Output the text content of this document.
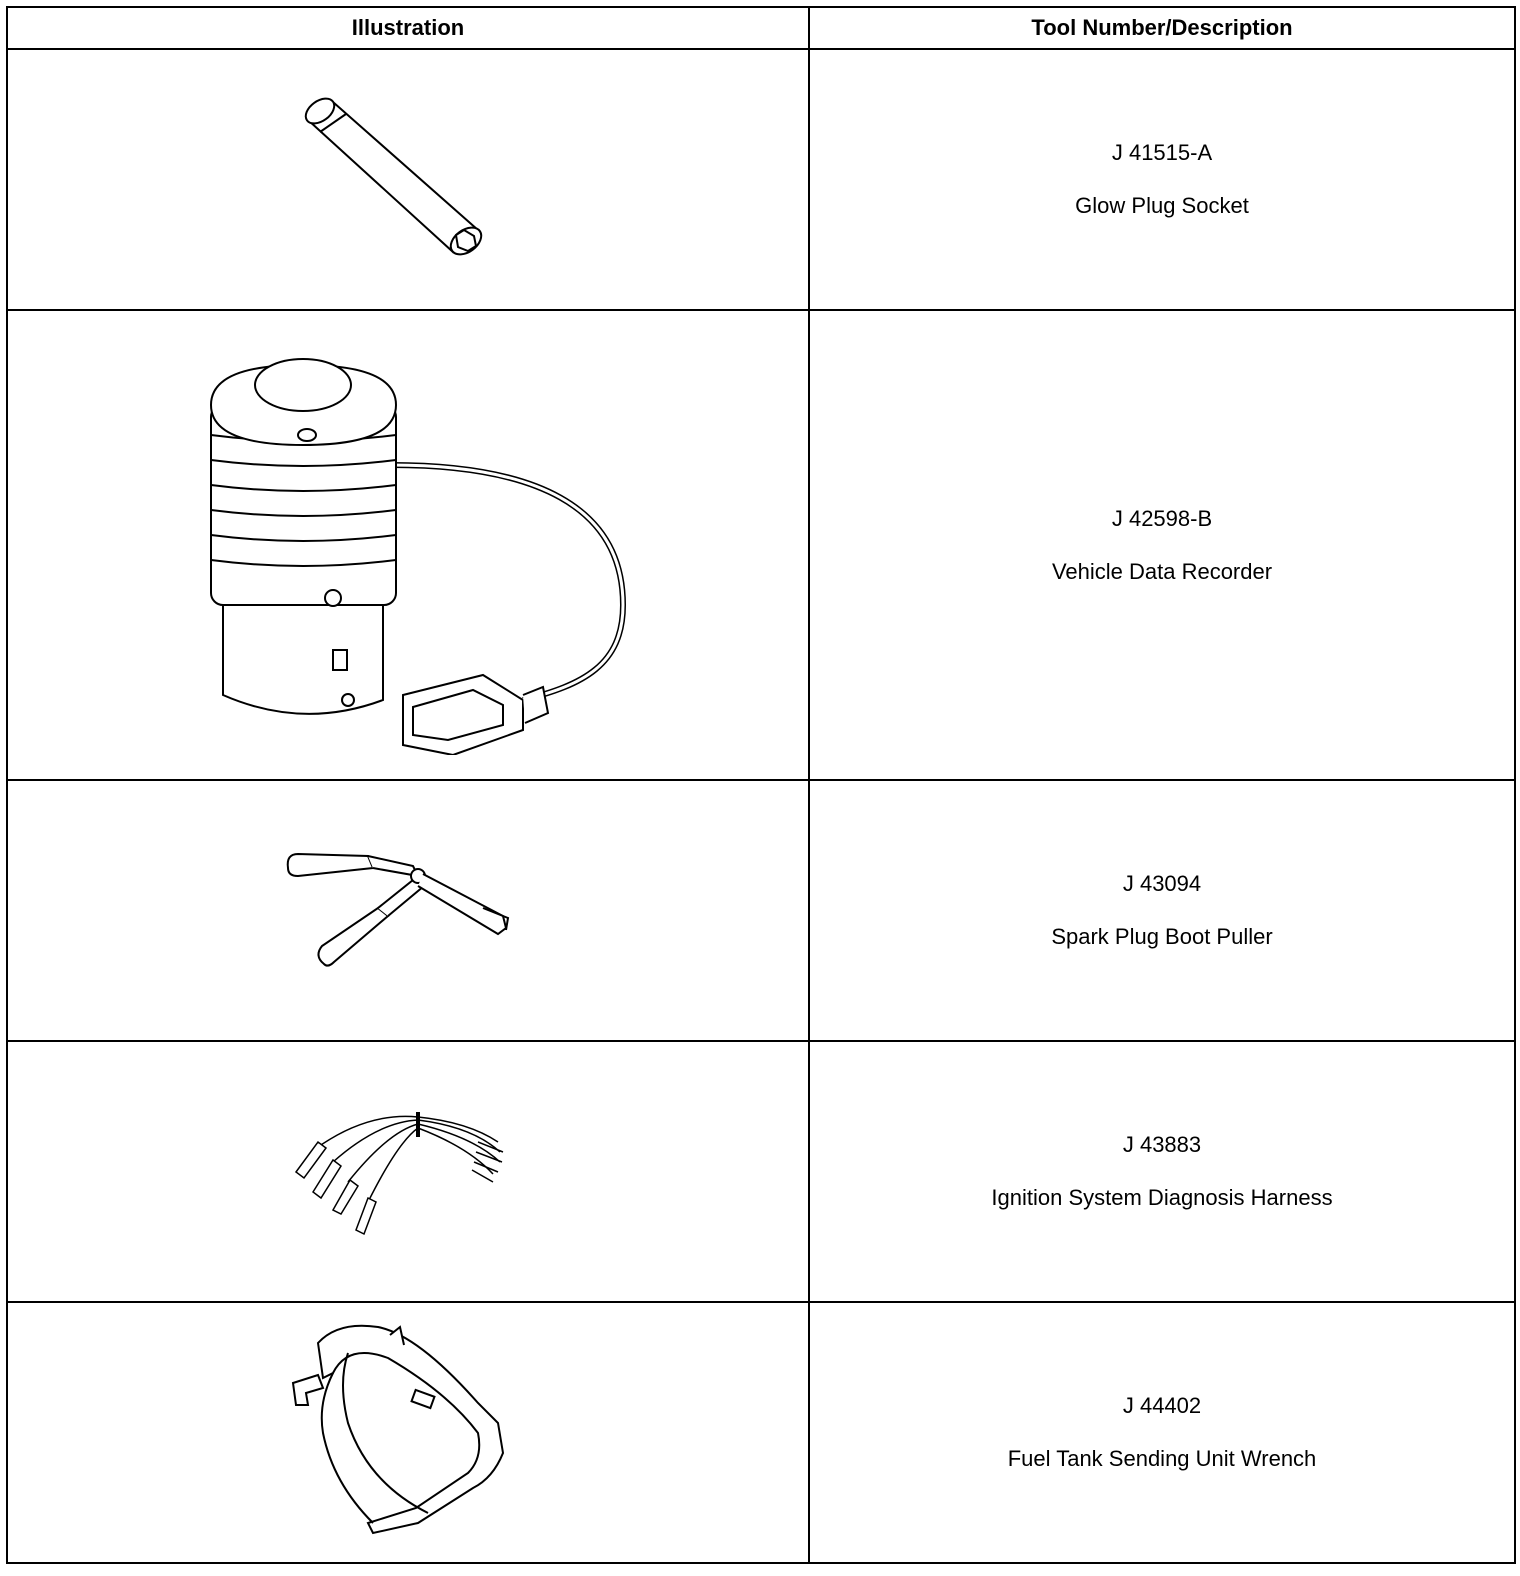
Illustration	Tool Number/Description

J 41515-A
Glow Plug Socket

J 42598-B
Vehicle Data Recorder

J 43094
Spark Plug Boot Puller

J 43883
Ignition System Diagnosis Harness

J 44402
Fuel Tank Sending Unit Wrench
